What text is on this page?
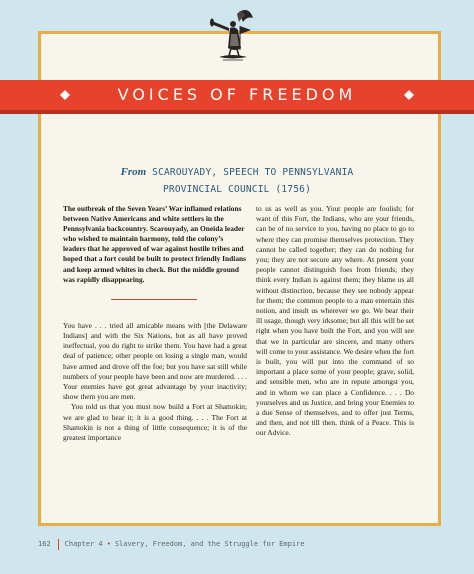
VOICES OF FREEDOM
From SCAROUYADY, SPEECH TO PENNSYLVANIA
PROVINCIAL COUNCIL (1756)

The outbreak of the Seven Years’ War inflamed relations between Native Americans and white settlers in the Pennsylvania backcountry. Scarouyady, an Oneida leader who wished to maintain harmony, told the colony’s leaders that he approved of war against hostile tribes and hoped that a fort could be built to protect friendly Indians and keep armed whites in check. But the middle ground was rapidly disappearing.

You have . . . tried all amicable means with [the Delaware Indians] and with the Six Nations, but as all have proved ineffectual, you do right to strike them. You have had a great deal of patience; other people on losing a single man, would have armed and drove off the foe; but you have sat still while numbers of your people have been and now are murdered. . . . Your enemies have got great advantage by your inactivity; show them you are men.

You told us that you must now build a Fort at Shamokin; we are glad to hear it; it is a good thing. . . . The Fort at Shamokin is not a thing of little consequence; it is of the greatest importance

to us as well as you. Your people are foolish; for want of this Fort, the Indians, who are your friends, can be of no service to you, having no place to go to where they can promise themselves protection. They cannot be called together; they can do nothing for you; they are not secure any where. At present your people cannot distinguish foes from friends; they think every Indian is against them; they blame us all without distinction, because they see nobody appear for them; the common people to a man entertain this notion, and insult us wherever we go. We bear their ill usage, though very irksome; but all this will be set right when you have built the Fort, and you will see that we in particular are sincere, and many others will come to your assistance. We desire when the fort is built, you will put into the command of so important a place some of your people; grave, solid, and sensible men, who are in repute amongst you, and in whom we can place a Confidence. . . . Do yourselves and us Justice, and bring your Enemies to a due Sense of themselves, and to offer just Terms, and then, and not till then, think of a Peace. This is our Advice.

162 Chapter 4 • Slavery, Freedom, and the Struggle for Empire
